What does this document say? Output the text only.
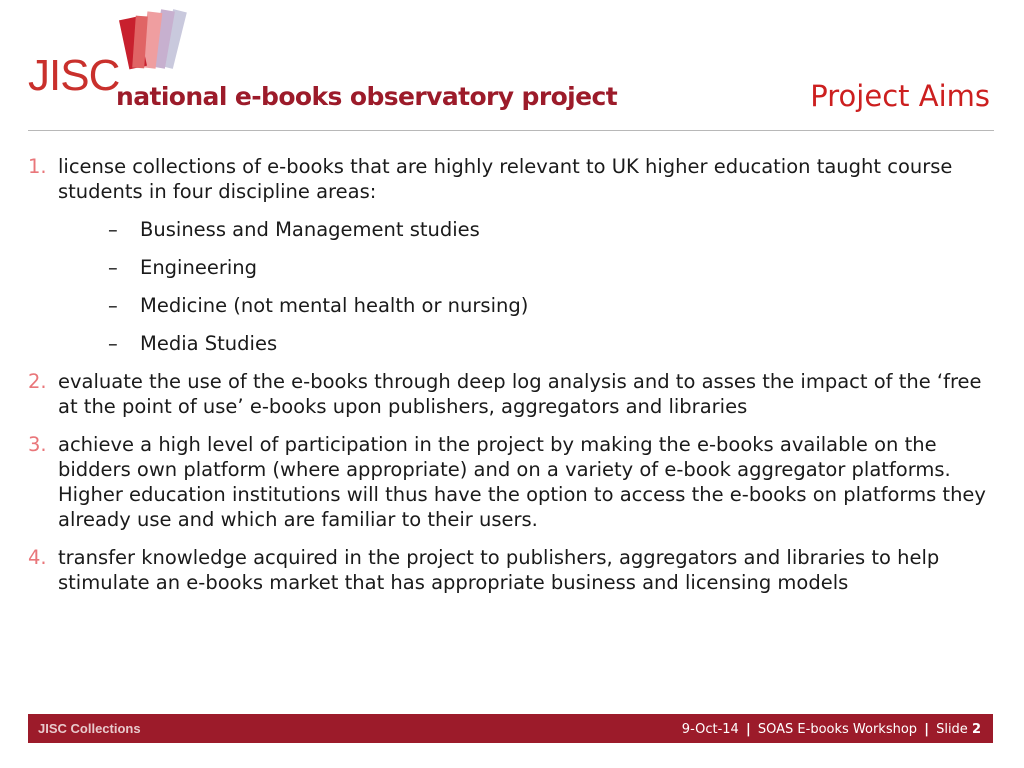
JISC
national e-books observatory project	Project Aims
1. license collections of e-books that are highly relevant to UK higher education taught course students in four discipline areas:
– Business and Management studies
– Engineering
– Medicine (not mental health or nursing)
– Media Studies
2. evaluate the use of the e-books through deep log analysis and to asses the impact of the ‘free at the point of use’ e-books upon publishers, aggregators and libraries
3. achieve a high level of participation in the project by making the e-books available on the bidders own platform (where appropriate) and on a variety of e-book aggregator platforms. Higher education institutions will thus have the option to access the e-books on platforms they already use and which are familiar to their users.
4. transfer knowledge acquired in the project to publishers, aggregators and libraries to help stimulate an e-books market that has appropriate business and licensing models
JISC Collections	9-Oct-14 | SOAS E-books Workshop | Slide 2
